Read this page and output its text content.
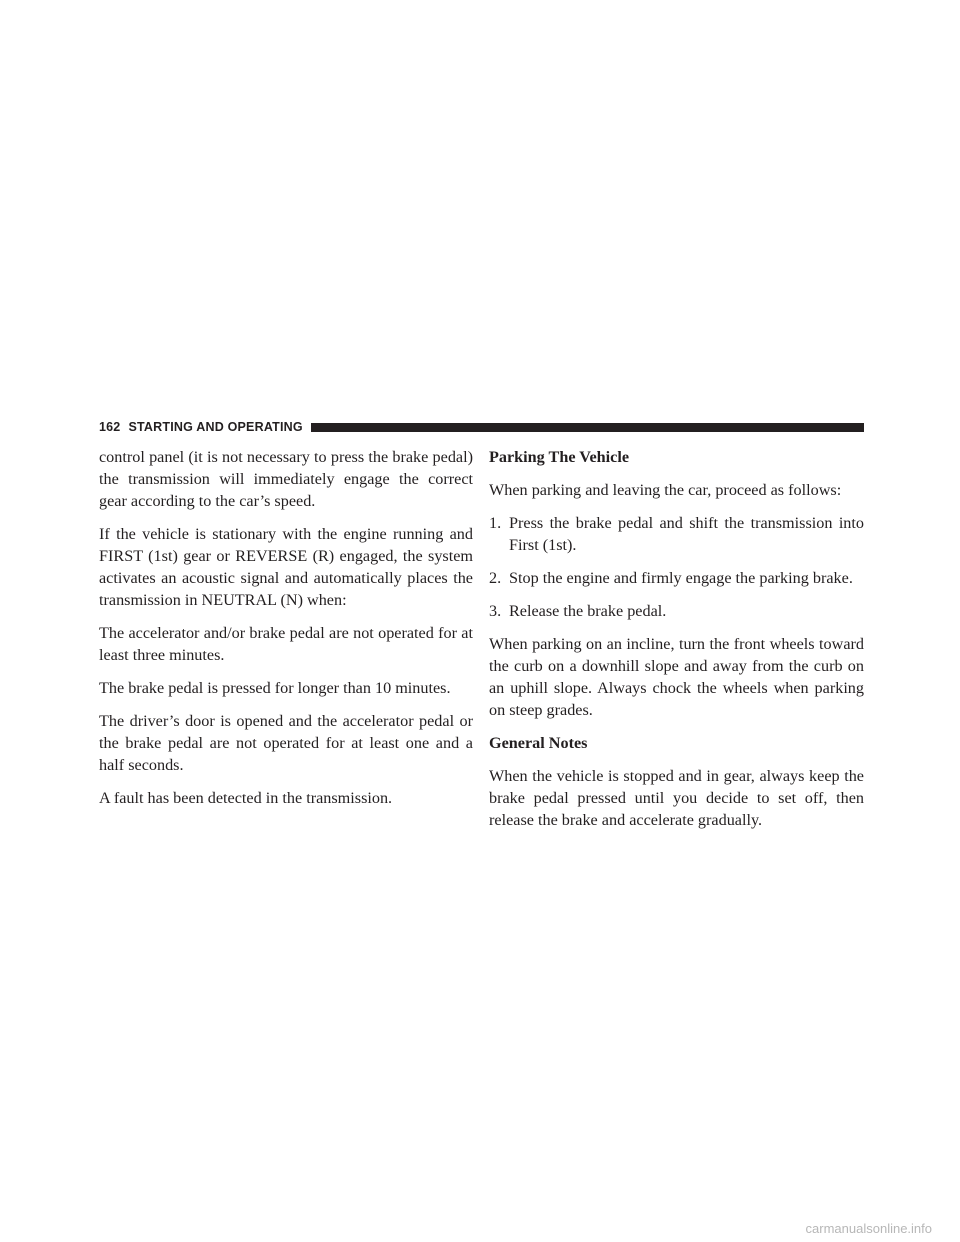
162 STARTING AND OPERATING

control panel (it is not necessary to press the brake pedal) the transmission will immediately engage the correct gear according to the car’s speed.

If the vehicle is stationary with the engine running and FIRST (1st) gear or REVERSE (R) engaged, the system activates an acoustic signal and automatically places the transmission in NEUTRAL (N) when:

The accelerator and/or brake pedal are not operated for at least three minutes.

The brake pedal is pressed for longer than 10 minutes.

The driver’s door is opened and the accelerator pedal or the brake pedal are not operated for at least one and a half seconds.

A fault has been detected in the transmission.

Parking The Vehicle

When parking and leaving the car, proceed as follows:

1. Press the brake pedal and shift the transmission into First (1st).
2. Stop the engine and firmly engage the parking brake.
3. Release the brake pedal.

When parking on an incline, turn the front wheels toward the curb on a downhill slope and away from the curb on an uphill slope. Always chock the wheels when parking on steep grades.

General Notes

When the vehicle is stopped and in gear, always keep the brake pedal pressed until you decide to set off, then release the brake and accelerate gradually.

carmanualsonline.info
